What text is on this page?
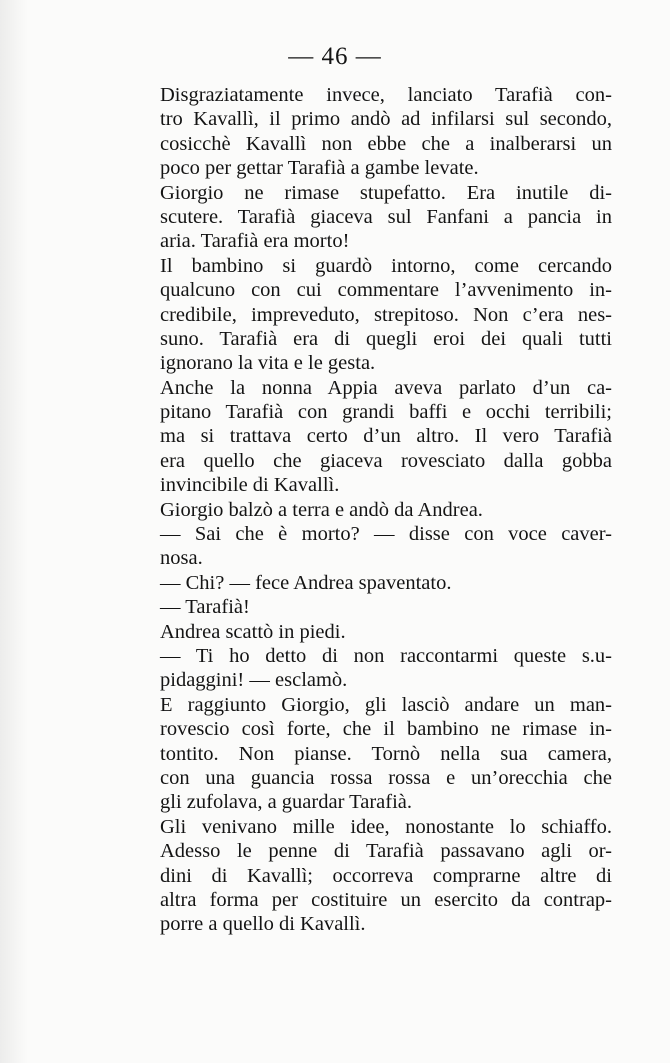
— 46 —
Disgraziatamente invece, lanciato Tarafià con-
tro Kavallì, il primo andò ad infilarsi sul secondo,
cosicchè Kavallì non ebbe che a inalberarsi un
poco per gettar Tarafià a gambe levate.
Giorgio ne rimase stupefatto. Era inutile di-
scutere. Tarafià giaceva sul Fanfani a pancia in
aria. Tarafià era morto!
Il bambino si guardò intorno, come cercando
qualcuno con cui commentare l’avvenimento in-
credibile, impreveduto, strepitoso. Non c’era nes-
suno. Tarafià era di quegli eroi dei quali tutti
ignorano la vita e le gesta.
Anche la nonna Appia aveva parlato d’un ca-
pitano Tarafià con grandi baffi e occhi terribili;
ma si trattava certo d’un altro. Il vero Tarafià
era quello che giaceva rovesciato dalla gobba
invincibile di Kavallì.
Giorgio balzò a terra e andò da Andrea.
— Sai che è morto? — disse con voce caver-
nosa.
— Chi? — fece Andrea spaventato.
— Tarafià!
Andrea scattò in piedi.
— Ti ho detto di non raccontarmi queste s.u-
pidaggini! — esclamò.
E raggiunto Giorgio, gli lasciò andare un man-
rovescio così forte, che il bambino ne rimase in-
tontito. Non pianse. Tornò nella sua camera,
con una guancia rossa rossa e un’orecchia che
gli zufolava, a guardar Tarafià.
Gli venivano mille idee, nonostante lo schiaffo.
Adesso le penne di Tarafià passavano agli or-
dini di Kavallì; occorreva comprarne altre di
altra forma per costituire un esercito da contrap-
porre a quello di Kavallì.
